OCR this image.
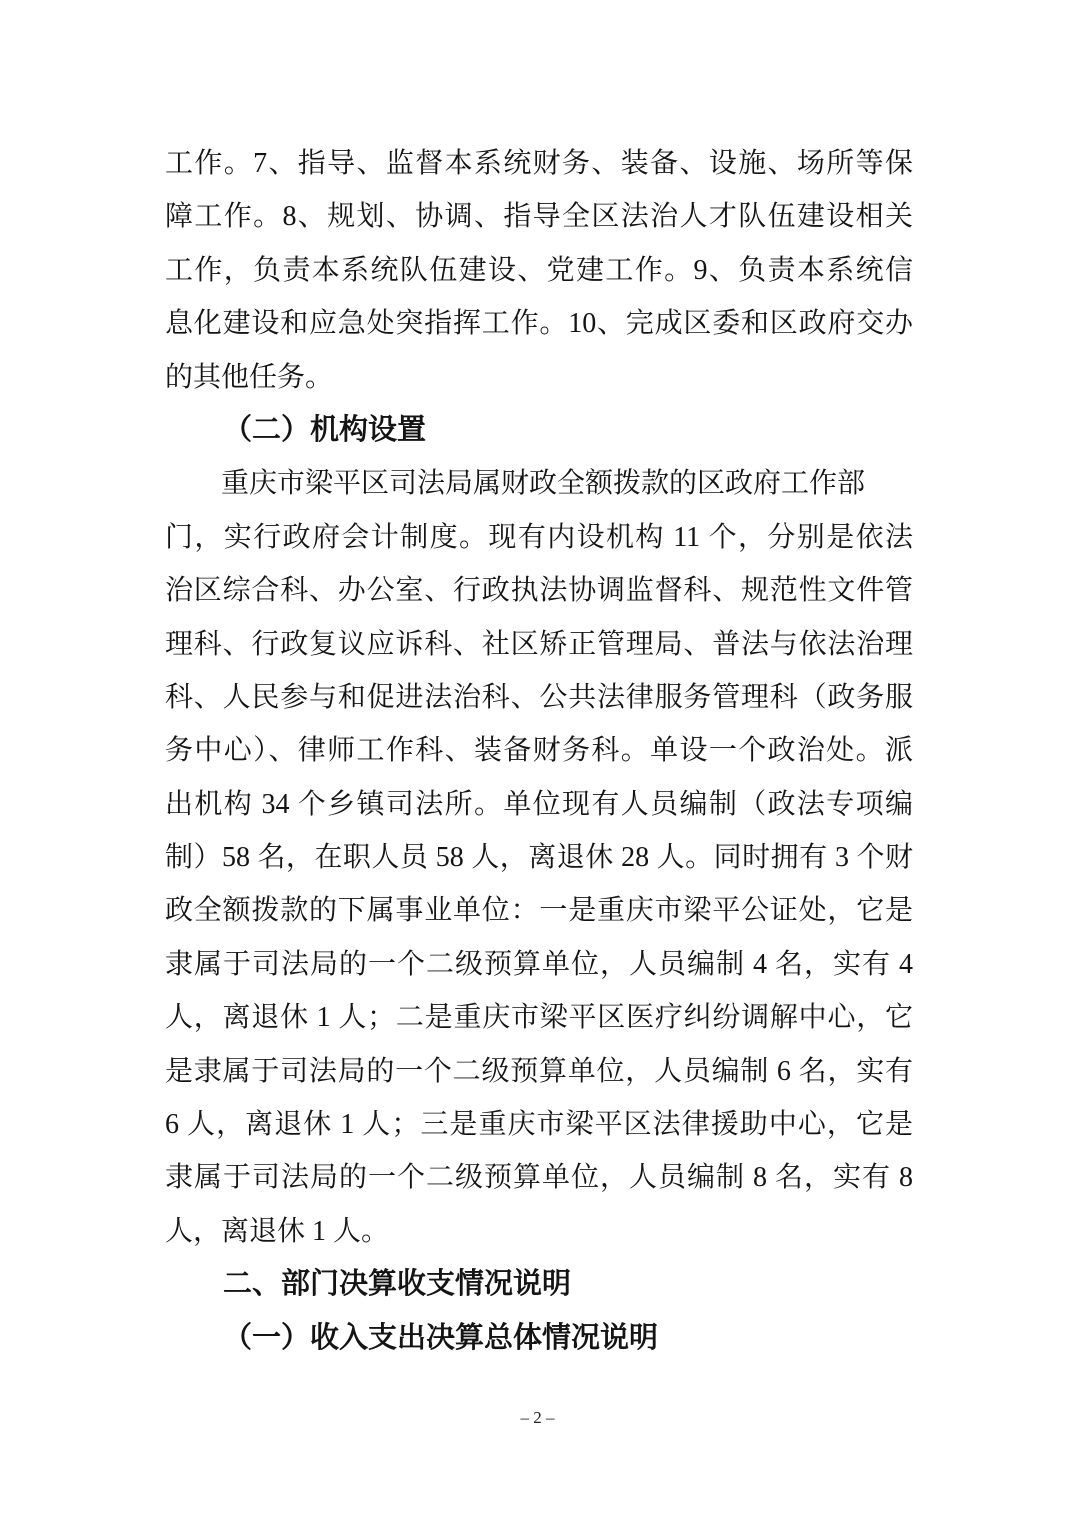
工作。7、指导、监督本系统财务、装备、设施、场所等保
障工作。8、规划、协调、指导全区法治人才队伍建设相关
工作，负责本系统队伍建设、党建工作。9、负责本系统信
息化建设和应急处突指挥工作。10、完成区委和区政府交办
的其他任务。
（二）机构设置
重庆市梁平区司法局属财政全额拨款的区政府工作部
门，实行政府会计制度。现有内设机构 11 个，分别是依法
治区综合科、办公室、行政执法协调监督科、规范性文件管
理科、行政复议应诉科、社区矫正管理局、普法与依法治理
科、人民参与和促进法治科、公共法律服务管理科（政务服
务中心）、律师工作科、装备财务科。单设一个政治处。派
出机构 34 个乡镇司法所。单位现有人员编制（政法专项编
制）58 名，在职人员 58 人，离退休 28 人。同时拥有 3 个财
政全额拨款的下属事业单位：一是重庆市梁平公证处，它是
隶属于司法局的一个二级预算单位，人员编制 4 名，实有 4
人，离退休 1 人；二是重庆市梁平区医疗纠纷调解中心，它
是隶属于司法局的一个二级预算单位，人员编制 6 名，实有
6 人，离退休 1 人；三是重庆市梁平区法律援助中心，它是
隶属于司法局的一个二级预算单位，人员编制 8 名，实有 8
人，离退休 1 人。
二、部门决算收支情况说明
（一）收入支出决算总体情况说明
– 2 –
